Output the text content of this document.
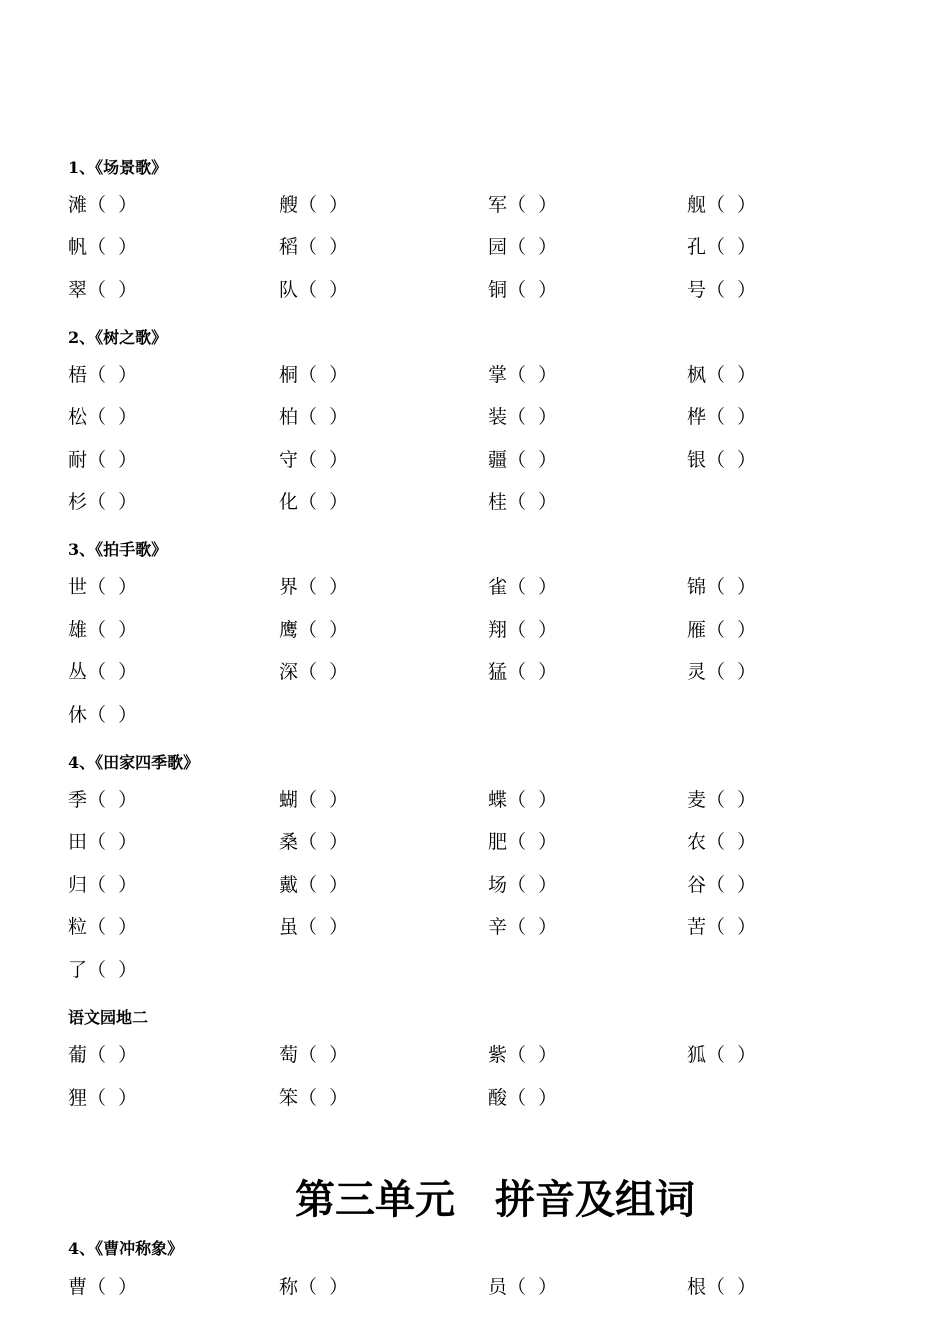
1、《场景歌》
滩（  ）	艘（  ）	军（  ）	舰（  ）
帆（  ）	稻（  ）	园（  ）	孔（  ）
翠（  ）	队（  ）	铜（  ）	号（  ）
2、《树之歌》
梧（  ）	桐（  ）	掌（  ）	枫（  ）
松（  ）	柏（  ）	装（  ）	桦（  ）
耐（  ）	守（  ）	疆（  ）	银（  ）
杉（  ）	化（  ）	桂（  ）
3、《拍手歌》
世（  ）	界（  ）	雀（  ）	锦（  ）
雄（  ）	鹰（  ）	翔（  ）	雁（  ）
丛（  ）	深（  ）	猛（  ）	灵（  ）
休（  ）
4、《田家四季歌》
季（  ）	蝴（  ）	蝶（  ）	麦（  ）
田（  ）	桑（  ）	肥（  ）	农（  ）
归（  ）	戴（  ）	场（  ）	谷（  ）
粒（  ）	虽（  ）	辛（  ）	苦（  ）
了（  ）
语文园地二
葡（  ）	萄（  ）	紫（  ）	狐（  ）
狸（  ）	笨（  ）	酸（  ）
第三单元　拼音及组词
4、《曹冲称象》
曹（  ）	称（  ）	员（  ）	根（  ）
